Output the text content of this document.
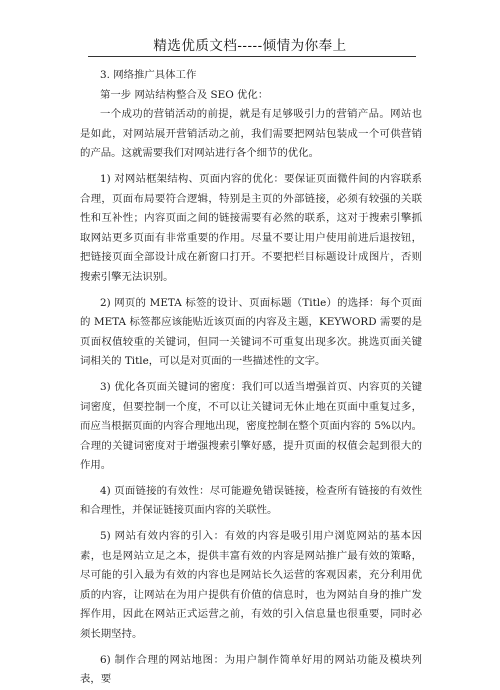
精选优质文档-----倾情为你奉上

3. 网络推广具体工作

第一步 网站结构整合及 SEO 优化：

一个成功的营销活动的前提，就是有足够吸引力的营销产品。网站也是如此，对网站展开营销活动之前，我们需要把网站包装成一个可供营销的产品。这就需要我们对网站进行各个细节的优化。

1) 对网站框架结构、页面内容的优化：要保证页面微件间的内容联系合理，页面布局要符合逻辑，特别是主页的外部链接，必须有较强的关联性和互补性；内容页面之间的链接需要有必然的联系，这对于搜索引擎抓取网站更多页面有非常重要的作用。尽量不要让用户使用前进后退按钮，把链接页面全部设计成在新窗口打开。不要把栏目标题设计成图片，否则搜索引擎无法识别。

2) 网页的 META 标签的设计、页面标题（Title）的选择：每个页面的 META 标签都应该能贴近该页面的内容及主题，KEYWORD 需要的是页面权值较重的关键词，但同一关键词不可重复出现多次。挑选页面关键词相关的 Title，可以是对页面的一些描述性的文字。

3) 优化各页面关键词的密度：我们可以适当增强首页、内容页的关键词密度，但要控制一个度，不可以让关键词无休止地在页面中重复过多，而应当根据页面的内容合理地出现，密度控制在整个页面内容的 5%以内。合理的关键词密度对于增强搜索引擎好感，提升页面的权值会起到很大的作用。

4) 页面链接的有效性：尽可能避免错误链接，检查所有链接的有效性和合理性，并保证链接页面内容的关联性。

5) 网站有效内容的引入：有效的内容是吸引用户浏览网站的基本因素，也是网站立足之本，提供丰富有效的内容是网站推广最有效的策略，尽可能的引入最为有效的内容也是网站长久运营的客观因素，充分利用优质的内容，让网站在为用户提供有价值的信息时，也为网站自身的推广发挥作用，因此在网站正式运营之前，有效的引入信息量也很重要，同时必须长期坚持。

6) 制作合理的网站地图：为用户制作简单好用的网站功能及模块列表，要
